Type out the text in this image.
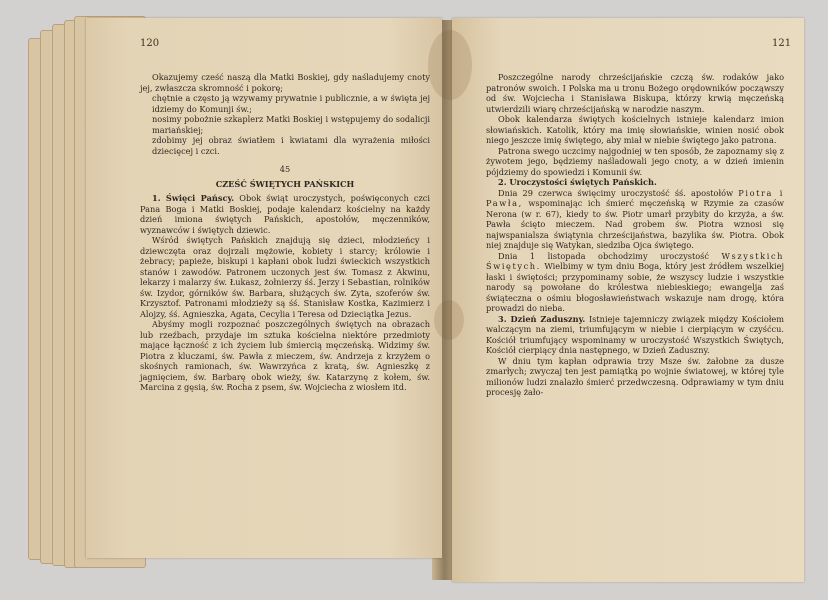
120

Okazujemy cześć naszą dla Matki Boskiej, gdy naśladujemy cnoty jej, zwłaszcza skromność i pokorę;

chętnie a często ją wzywamy prywatnie i publicznie, a w święta jej idziemy do Komunji św.;

nosimy pobożnie szkaplerz Matki Boskiej i wstępujemy do sodalicji mariańskiej;

zdobimy jej obraz światłem i kwiatami dla wyrażenia miłości dziecięcej i czci.

45

CZEŚĆ ŚWIĘTYCH PAŃSKICH

1. Święci Pańscy. Obok świąt uroczystych, poświęconych czci Pana Boga i Matki Boskiej, podaje kalendarz kościelny na każdy dzień imiona świętych Pańskich, apostołów, męczenników, wyznawców i świętych dziewic.

Wśród świętych Pańskich znajdują się dzieci, młodzieńcy i dziewczęta oraz dojrzali mężowie, kobiety i starcy; królowie i żebracy; papieże, biskupi i kapłani obok ludzi świeckich wszystkich stanów i zawodów. Patronem uczonych jest św. Tomasz z Akwinu, lekarzy i malarzy św. Łukasz, żołnierzy śś. Jerzy i Sebastian, rolników św. Izydor, górników św. Barbara, służących św. Zyta, szoferów św. Krzysztof. Patronami młodzieży są śś. Stanisław Kostka, Kazimierz i Alojzy, śś. Agnieszka, Agata, Cecylia i Teresa od Dzieciątka Jezus.

Abyśmy mogli rozpoznać poszczególnych świętych na obrazach lub rzeźbach, przydaje im sztuka kościelna niektóre przedmioty mające łączność z ich życiem lub śmiercią męczeńską. Widzimy św. Piotra z kluczami, św. Pawła z mieczem, św. Andrzeja z krzyżem o skośnych ramionach, św. Wawrzyńca z kratą, św. Agnieszkę z jagnięciem, św. Barbarę obok wieży, św. Katarzynę z kołem, św. Marcina z gęsią, św. Rocha z psem, św. Wojciecha z wiosłem itd.

121

Poszczególne narody chrześcijańskie czczą św. rodaków jako patronów swoich. I Polska ma u tronu Bożego orędowników począwszy od św. Wojciecha i Stanisława Biskupa, którzy krwią męczeńską utwierdzili wiarę chrześcijańską w narodzie naszym.

Obok kalendarza świętych kościelnych istnieje kalendarz imion słowiańskich. Katolik, który ma imię słowiańskie, winien nosić obok niego jeszcze imię świętego, aby miał w niebie świętego jako patrona.

Patrona swego uczcimy najgodniej w ten sposób, że zapoznamy się z żywotem jego, będziemy naśladowali jego cnoty, a w dzień imienin pójdziemy do spowiedzi i Komunii św.

2. Uroczystości świętych Pańskich.

Dnia 29 czerwca święcimy uroczystość śś. apostołów Piotra i Pawła, wspominając ich śmierć męczeńską w Rzymie za czasów Nerona (w r. 67), kiedy to św. Piotr umarł przybity do krzyża, a św. Pawła ścięto mieczem. Nad grobem św. Piotra wznosi się najwspanialsza świątynia chrześcijaństwa, bazylika św. Piotra. Obok niej znajduje się Watykan, siedziba Ojca świętego.

Dnia 1 listopada obchodzimy uroczystość Wszystkich Świętych. Wielbimy w tym dniu Boga, który jest źródłem wszelkiej łaski i świętości; przypominamy sobie, że wszyscy ludzie i wszystkie narody są powołane do królestwa niebieskiego; ewangelja zaś świąteczna o ośmiu błogosławieństwach wskazuje nam drogę, która prowadzi do nieba.

3. Dzień Zaduszny. Istnieje tajemniczy związek między Kościołem walczącym na ziemi, triumfującym w niebie i cierpiącym w czyśćcu. Kościół triumfujący wspominamy w uroczystość Wszystkich Świętych, Kościół cierpiący dnia następnego, w Dzień Zaduszny.

W dniu tym kapłan odprawia trzy Msze św. żałobne za dusze zmarłych; zwyczaj ten jest pamiątką po wojnie światowej, w której tyle milionów ludzi znalazło śmierć przedwczesną. Odprawiamy w tym dniu procesję żało-
